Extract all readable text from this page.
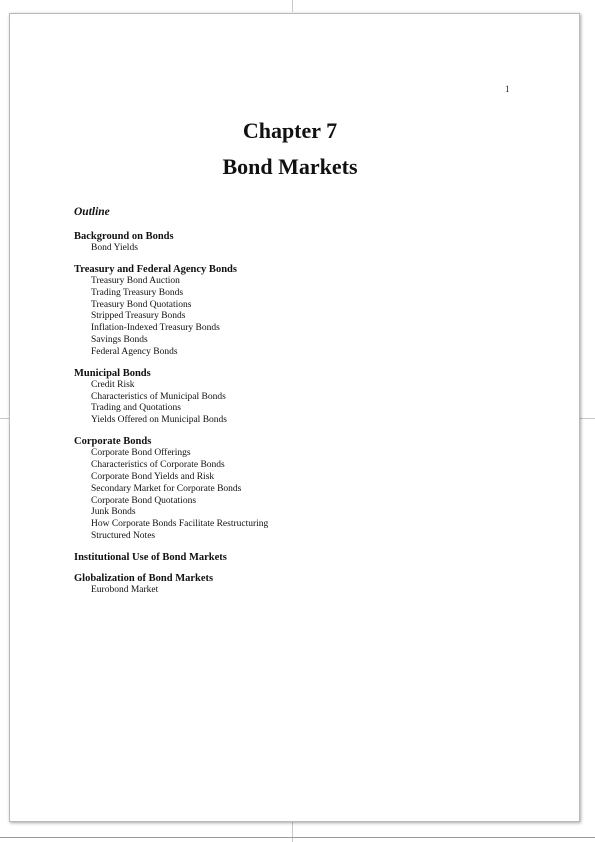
1
Chapter 7
Bond Markets
Outline
Background on Bonds
Bond Yields
Treasury and Federal Agency Bonds
Treasury Bond Auction
Trading Treasury Bonds
Treasury Bond Quotations
Stripped Treasury Bonds
Inflation-Indexed Treasury Bonds
Savings Bonds
Federal Agency Bonds
Municipal Bonds
Credit Risk
Characteristics of Municipal Bonds
Trading and Quotations
Yields Offered on Municipal Bonds
Corporate Bonds
Corporate Bond Offerings
Characteristics of Corporate Bonds
Corporate Bond Yields and Risk
Secondary Market for Corporate Bonds
Corporate Bond Quotations
Junk Bonds
How Corporate Bonds Facilitate Restructuring
Structured Notes
Institutional Use of Bond Markets
Globalization of Bond Markets
Eurobond Market
